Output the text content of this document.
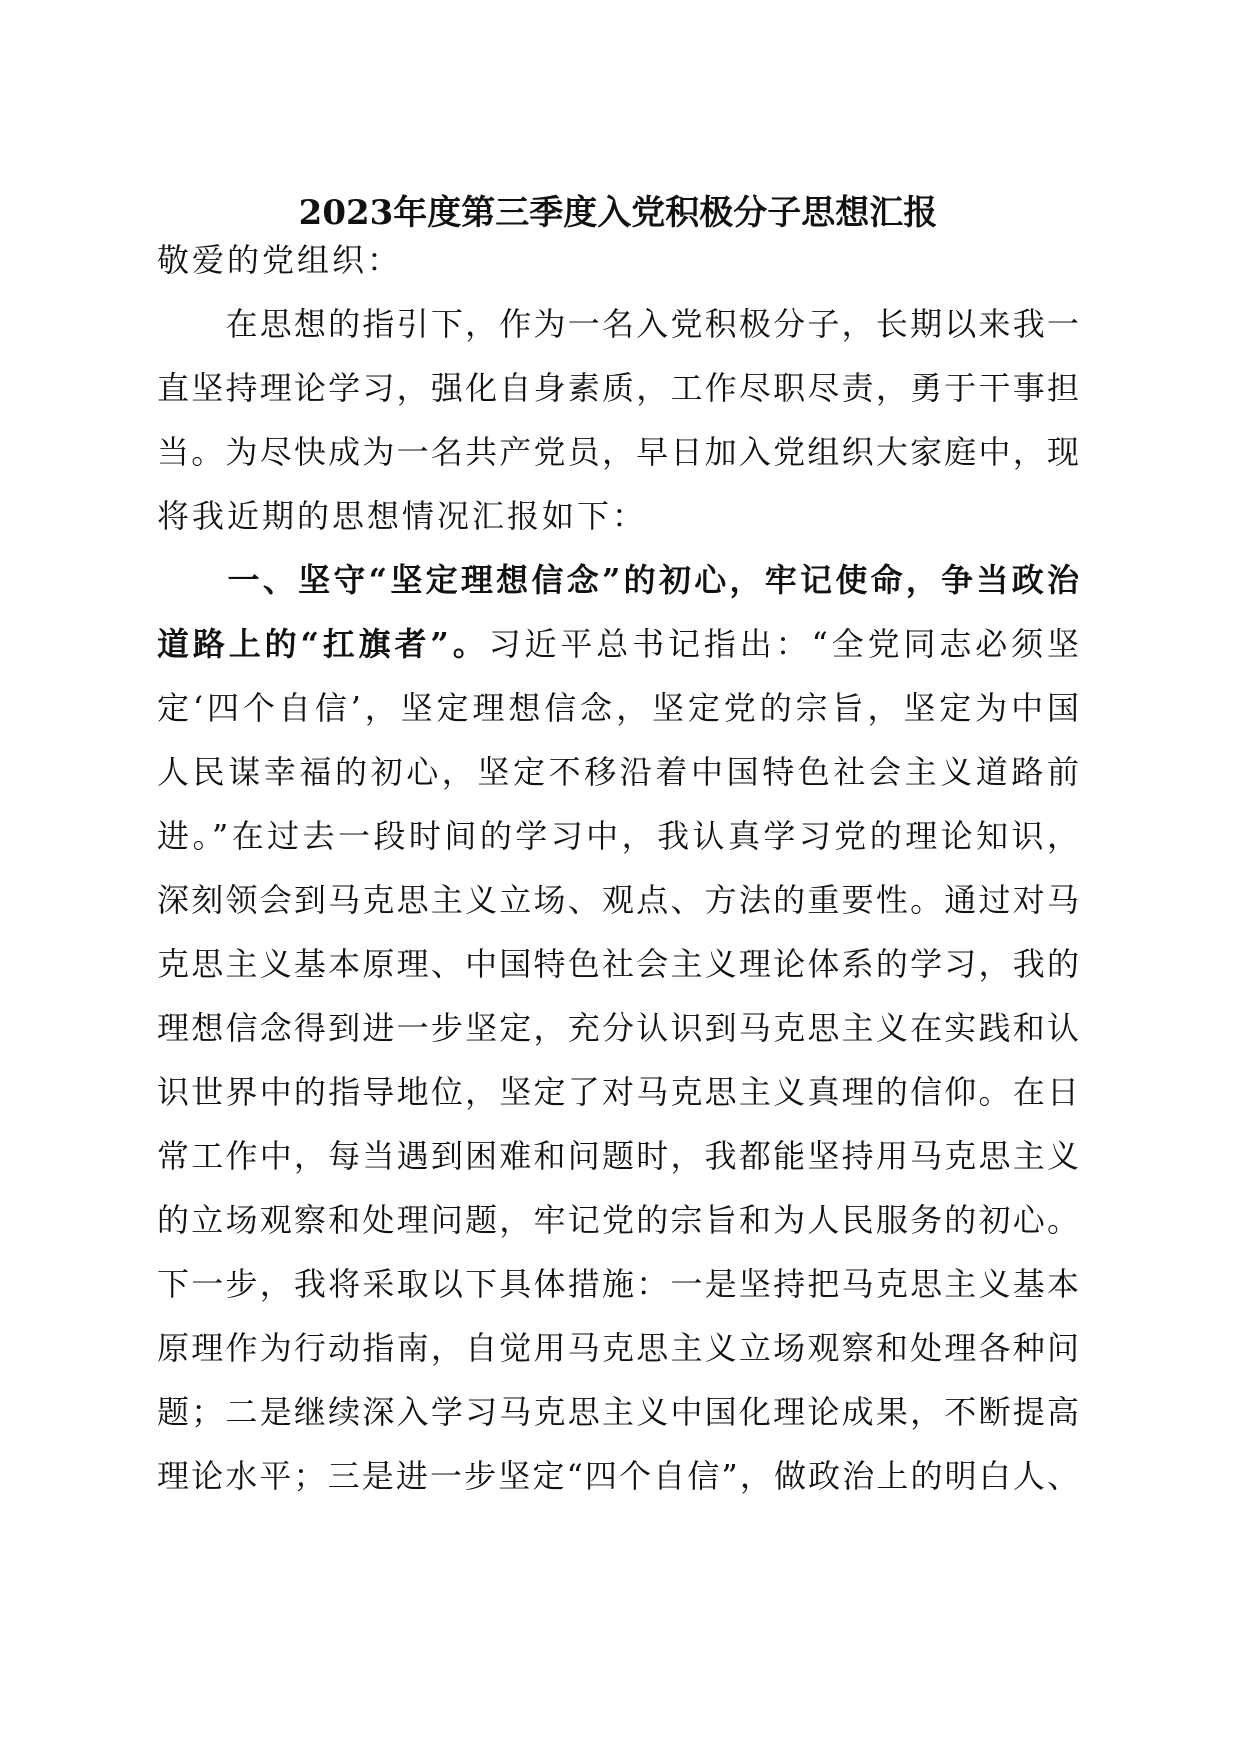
2023年度第三季度入党积极分子思想汇报
敬爱的党组织：
　　在思想的指引下，作为一名入党积极分子，长期以来我一
直坚持理论学习，强化自身素质，工作尽职尽责，勇于干事担
当。为尽快成为一名共产党员，早日加入党组织大家庭中，现
将我近期的思想情况汇报如下：
　　一、坚守“坚定理想信念”的初心，牢记使命，争当政治
道路上的“扛旗者”。习近平总书记指出：“全党同志必须坚
定‘四个自信’，坚定理想信念，坚定党的宗旨，坚定为中国
人民谋幸福的初心，坚定不移沿着中国特色社会主义道路前
进。”在过去一段时间的学习中，我认真学习党的理论知识，
深刻领会到马克思主义立场、观点、方法的重要性。通过对马
克思主义基本原理、中国特色社会主义理论体系的学习，我的
理想信念得到进一步坚定，充分认识到马克思主义在实践和认
识世界中的指导地位，坚定了对马克思主义真理的信仰。在日
常工作中，每当遇到困难和问题时，我都能坚持用马克思主义
的立场观察和处理问题，牢记党的宗旨和为人民服务的初心。
下一步，我将采取以下具体措施：一是坚持把马克思主义基本
原理作为行动指南，自觉用马克思主义立场观察和处理各种问
题；二是继续深入学习马克思主义中国化理论成果，不断提高
理论水平；三是进一步坚定“四个自信”，做政治上的明白人、
